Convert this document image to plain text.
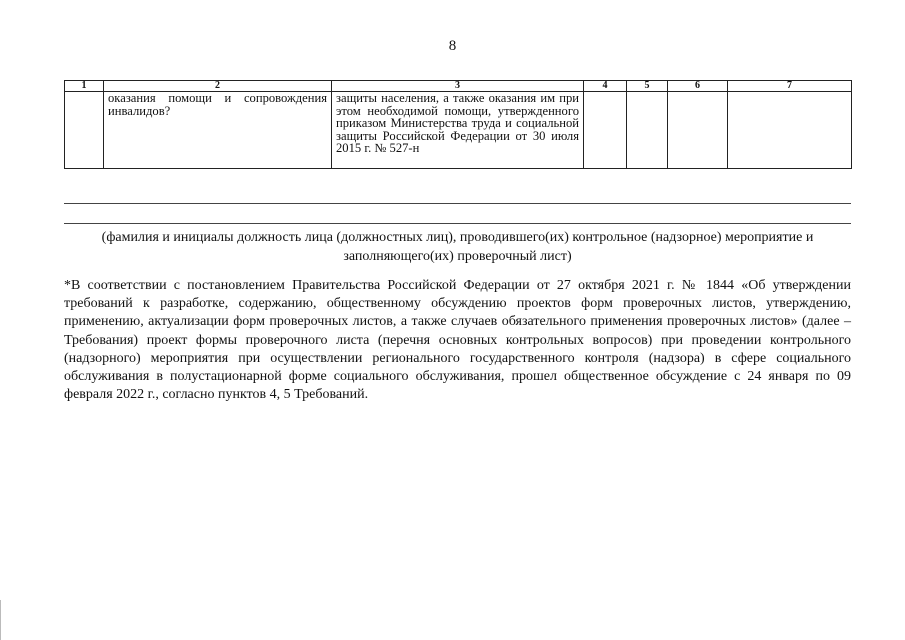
8
1	2	3	4	5	6	7
	оказания помощи и сопровождения инвалидов?	защиты населения, а также оказания им при этом необходимой помощи, утвержденного приказом Министерства труда и социальной защиты Российской Федерации от 30 июля 2015 г. № 527-н				
(фамилия и инициалы должность лица (должностных лиц), проводившего(их) контрольное (надзорное) мероприятие и заполняющего(их) проверочный лист)

*В соответствии с постановлением Правительства Российской Федерации от 27 октября 2021 г. № 1844 «Об утверждении требований к разработке, содержанию, общественному обсуждению проектов форм проверочных листов, утверждению, применению, актуализации форм проверочных листов, а также случаев обязательного применения проверочных листов» (далее – Требования) проект формы проверочного листа (перечня основных контрольных вопросов) при проведении контрольного (надзорного) мероприятия при осуществлении регионального государственного контроля (надзора) в сфере социального обслуживания в полустационарной форме социального обслуживания, прошел общественное обсуждение с 24 января по 09 февраля 2022 г., согласно пунктов 4, 5 Требований.
